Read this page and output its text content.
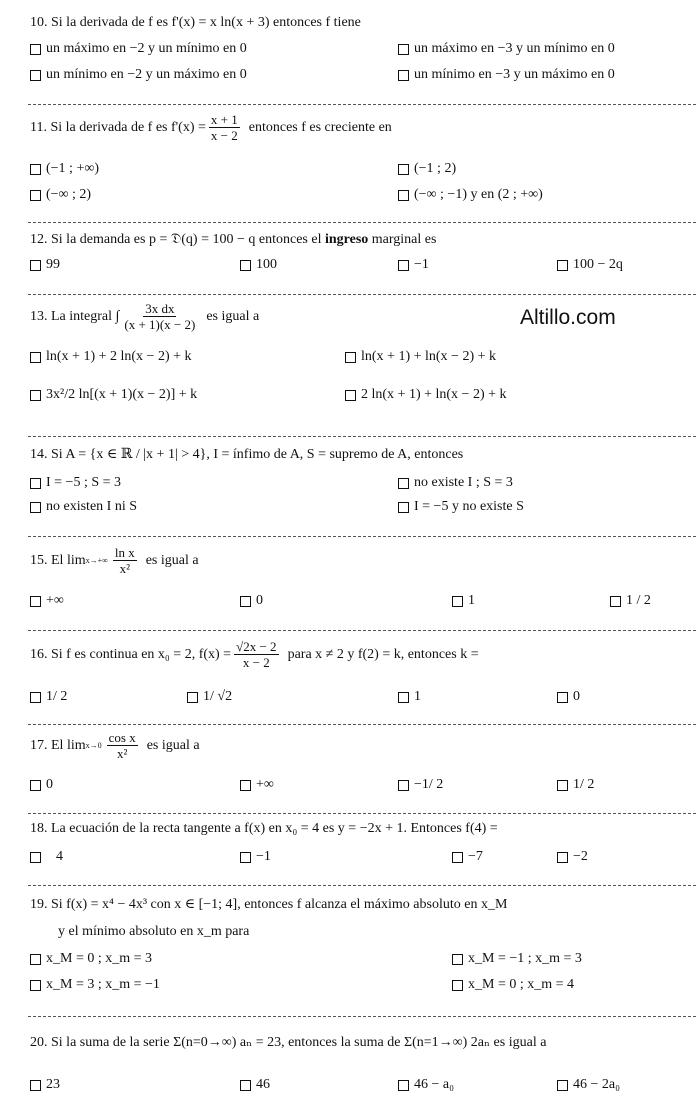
Altillo.com
10. Si la derivada de f es f'(x) = x ln(x + 3) entonces f tiene
un máximo en −2 y un mínimo en 0	un máximo en −3 y un mínimo en 0
un mínimo en −2 y un máximo en 0	un mínimo en −3 y un máximo en 0
11. Si la derivada de f es $f'(x) = \frac{x + 1}{x - 2}$ entonces f es creciente en
(−1 ; +∞)	(−1 ; 2)
(−∞ ; 2)	(−∞ ; −1) y en (2 ; +∞)
12. Si la demanda es p = 𝔇(q) = 100 − q entonces el ingreso marginal es
99	100	−1	100 − 2q
13. La integral ∫ $\frac{\text{3x dx}}{(x + 1)(x - 2)}$ es igual a
ln(x + 1) + 2 ln(x − 2) + k	ln(x + 1) + ln(x − 2) + k
3x²/2 ln[(x + 1)(x − 2)] + k	2 ln(x + 1) + ln(x − 2) + k
14. Si A = {x ∈ ℝ / |x + 1| > 4}, I = ínfimo de A, S = supremo de A, entonces
I = −5 ; S = 3	no existe I ; S = 3
no existen I ni S	I = −5 y no existe S
15. El $\lim x\to+\infty \frac{\text{ln x}}{\text{x²}}$ es igual a
+∞	0	1	1 / 2
16. Si f es continua en x₀ = 2, $f(x) = \frac{√2x - 2}{x - 2}$ para x ≠ 2 y f(2) = k, entonces k =
1/ 2	1/ √2	1	0
17. El $\lim x\to 0 \frac{\text{cos x}}{\text{x²}}$ es igual a
0	+∞	−1/ 2	1/ 2
18. La ecuación de la recta tangente a f(x) en x₀ = 4 es y = −2x + 1. Entonces f(4) =
4	−1	−7	−2
19. Si f(x) = x⁴ − 4x³ con x ∈ [−1; 4], entonces f alcanza el máximo absoluto en x_M
y el mínimo absoluto en x_m para
x_M = 0 ; x_m = 3	x_M = −1 ; x_m = 3
x_M = 3 ; x_m = −1	x_M = 0 ; x_m = 4
20. Si la suma de la serie Σ(n=0→∞) aₙ = 23, entonces la suma de Σ(n=1→∞) 2aₙ es igual a
23	46	46 − a₀	46 − 2a₀
